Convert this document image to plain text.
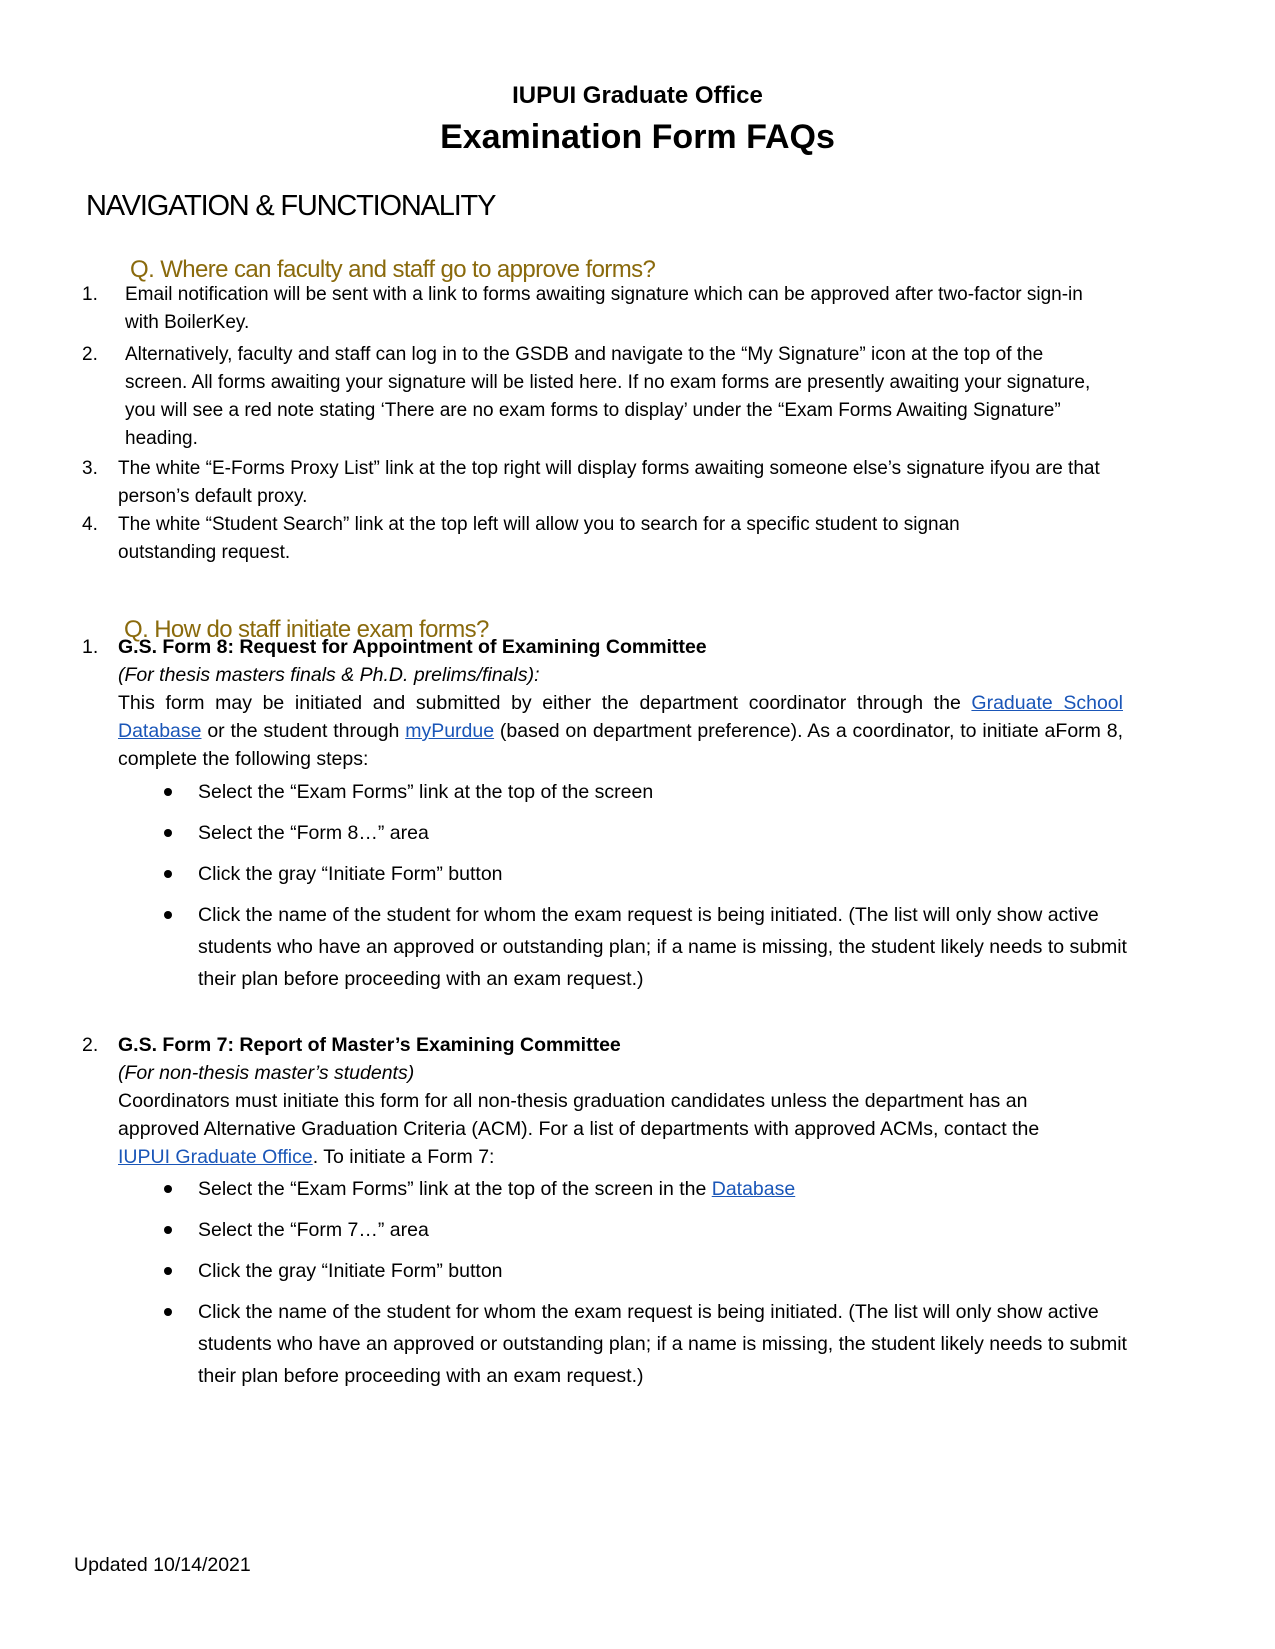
IUPUI Graduate Office
Examination Form FAQs
NAVIGATION & FUNCTIONALITY
Q. Where can faculty and staff go to approve forms?
1. Email notification will be sent with a link to forms awaiting signature which can be approved after two-factor sign-in with BoilerKey.
2. Alternatively, faculty and staff can log in to the GSDB and navigate to the “My Signature” icon at the top of the screen. All forms awaiting your signature will be listed here. If no exam forms are presently awaiting your signature, you will see a red note stating ‘There are no exam forms to display’ under the “Exam Forms Awaiting Signature” heading.
3. The white “E-Forms Proxy List” link at the top right will display forms awaiting someone else’s signature ifyou are that person’s default proxy.
4. The white “Student Search” link at the top left will allow you to search for a specific student to signan outstanding request.
Q. How do staff initiate exam forms?
1. G.S. Form 8: Request for Appointment of Examining Committee
(For thesis masters finals & Ph.D. prelims/finals):
This form may be initiated and submitted by either the department coordinator through the Graduate School Database or the student through myPurdue (based on department preference). As a coordinator, to initiate aForm 8, complete the following steps:
Select the “Exam Forms” link at the top of the screen
Select the “Form 8…” area
Click the gray “Initiate Form” button
Click the name of the student for whom the exam request is being initiated. (The list will only show active students who have an approved or outstanding plan; if a name is missing, the student likely needs to submit their plan before proceeding with an exam request.)
2. G.S. Form 7: Report of Master’s Examining Committee
(For non-thesis master’s students)
Coordinators must initiate this form for all non-thesis graduation candidates unless the department has an approved Alternative Graduation Criteria (ACM). For a list of departments with approved ACMs, contact the IUPUI Graduate Office. To initiate a Form 7:
Select the “Exam Forms” link at the top of the screen in the Database
Select the “Form 7…” area
Click the gray “Initiate Form” button
Click the name of the student for whom the exam request is being initiated. (The list will only show active students who have an approved or outstanding plan; if a name is missing, the student likely needs to submit their plan before proceeding with an exam request.)
Updated 10/14/2021
